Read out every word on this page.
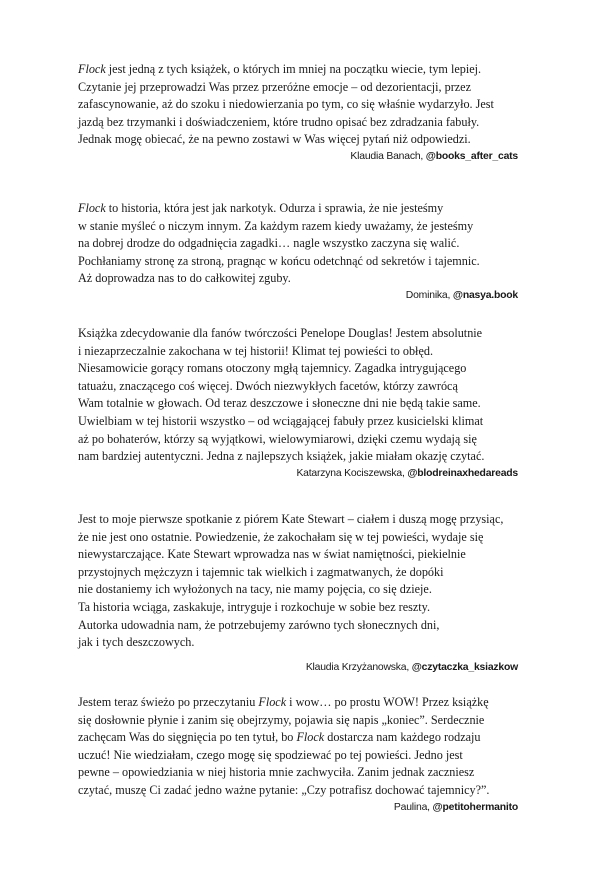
Flock jest jedną z tych książek, o których im mniej na początku wiecie, tym lepiej.
Czytanie jej przeprowadzi Was przez przeróżne emocje – od dezorientacji, przez
zafascynowanie, aż do szoku i niedowierzania po tym, co się właśnie wydarzyło. Jest
jazdą bez trzymanki i doświadczeniem, które trudno opisać bez zdradzania fabuły.
Jednak mogę obiecać, że na pewno zostawi w Was więcej pytań niż odpowiedzi.

Klaudia Banach, @books_after_cats

Flock to historia, która jest jak narkotyk. Odurza i sprawia, że nie jesteśmy
w stanie myśleć o niczym innym. Za każdym razem kiedy uważamy, że jesteśmy
na dobrej drodze do odgadnięcia zagadki… nagle wszystko zaczyna się walić.
Pochłaniamy stronę za stroną, pragnąc w końcu odetchnąć od sekretów i tajemnic.
Aż doprowadza nas to do całkowitej zguby.

Dominika, @nasya.book

Książka zdecydowanie dla fanów twórczości Penelope Douglas! Jestem absolutnie
i niezaprzeczalnie zakochana w tej historii! Klimat tej powieści to obłęd.
Niesamowicie gorący romans otoczony mgłą tajemnicy. Zagadka intrygującego
tatuażu, znaczącego coś więcej. Dwóch niezwykłych facetów, którzy zawrócą
Wam totalnie w głowach. Od teraz deszczowe i słoneczne dni nie będą takie same.
Uwielbiam w tej historii wszystko – od wciągającej fabuły przez kusicielski klimat
aż po bohaterów, którzy są wyjątkowi, wielowymiarowi, dzięki czemu wydają się
nam bardziej autentyczni. Jedna z najlepszych książek, jakie miałam okazję czytać.

Katarzyna Kociszewska, @blodreinaxhedareads

Jest to moje pierwsze spotkanie z piórem Kate Stewart – ciałem i duszą mogę przysiąc,
że nie jest ono ostatnie. Powiedzenie, że zakochałam się w tej powieści, wydaje się
niewystarczające. Kate Stewart wprowadza nas w świat namiętności, piekielnie
przystojnych mężczyzn i tajemnic tak wielkich i zagmatwanych, że dopóki
nie dostaniemy ich wyłożonych na tacy, nie mamy pojęcia, co się dzieje.
Ta historia wciąga, zaskakuje, intryguje i rozkochuje w sobie bez reszty.
Autorka udowadnia nam, że potrzebujemy zarówno tych słonecznych dni,
jak i tych deszczowych.

Klaudia Krzyżanowska, @czytaczka_ksiazkow

Jestem teraz świeżo po przeczytaniu Flock i wow… po prostu WOW! Przez książkę
się dosłownie płynie i zanim się obejrzymy, pojawia się napis „koniec”. Serdecznie
zachęcam Was do sięgnięcia po ten tytuł, bo Flock dostarcza nam każdego rodzaju
uczuć! Nie wiedziałam, czego mogę się spodziewać po tej powieści. Jedno jest
pewne – opowiedziania w niej historia mnie zachwyciła. Zanim jednak zaczniesz
czytać, muszę Ci zadać jedno ważne pytanie: „Czy potrafisz dochować tajemnicy?”.

Paulina, @petitohermanito
